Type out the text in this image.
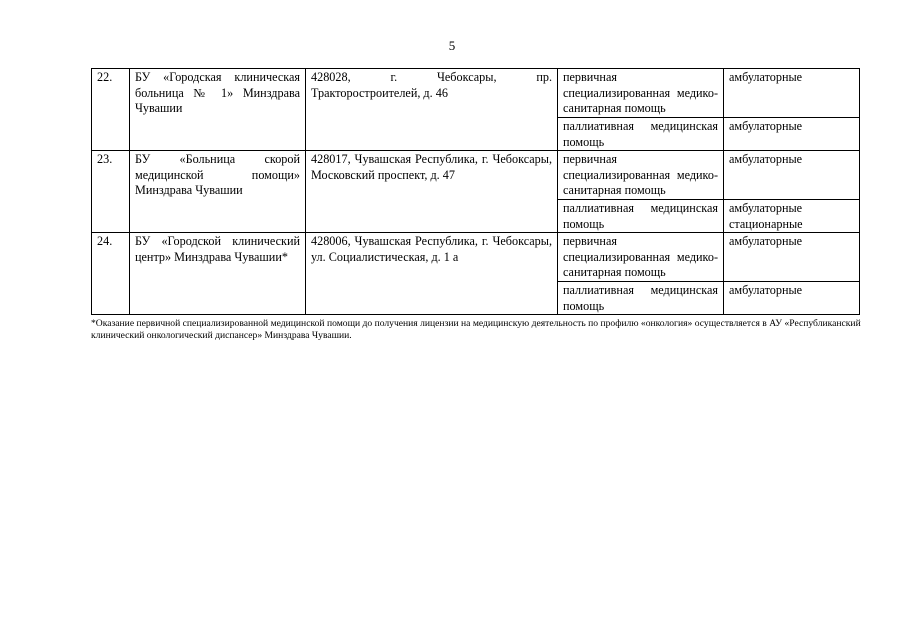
5
22.	БУ «Городская клиническая больница № 1» Минздрава Чувашии	428028, г. Чебоксары, пр. Тракторостроителей, д. 46	первичная специализированная медико-санитарная помощь	амбулаторные
			паллиативная медицинская помощь	амбулаторные
23.	БУ «Больница скорой медицинской помощи» Минздрава Чувашии	428017, Чувашская Республика, г. Чебоксары, Московский проспект, д. 47	первичная специализированная медико-санитарная помощь	амбулаторные
			паллиативная медицинская помощь	амбулаторные стационарные
24.	БУ «Городской клинический центр» Минздрава Чувашии*	428006, Чувашская Республика, г. Чебоксары, ул. Социалистическая, д. 1 а	первичная специализированная медико-санитарная помощь	амбулаторные
			паллиативная медицинская помощь	амбулаторные
*Оказание первичной специализированной медицинской помощи до получения лицензии на медицинскую деятельность по профилю «онкология» осуществляется в АУ «Республиканский клинический онкологический диспансер» Минздрава Чувашии.
